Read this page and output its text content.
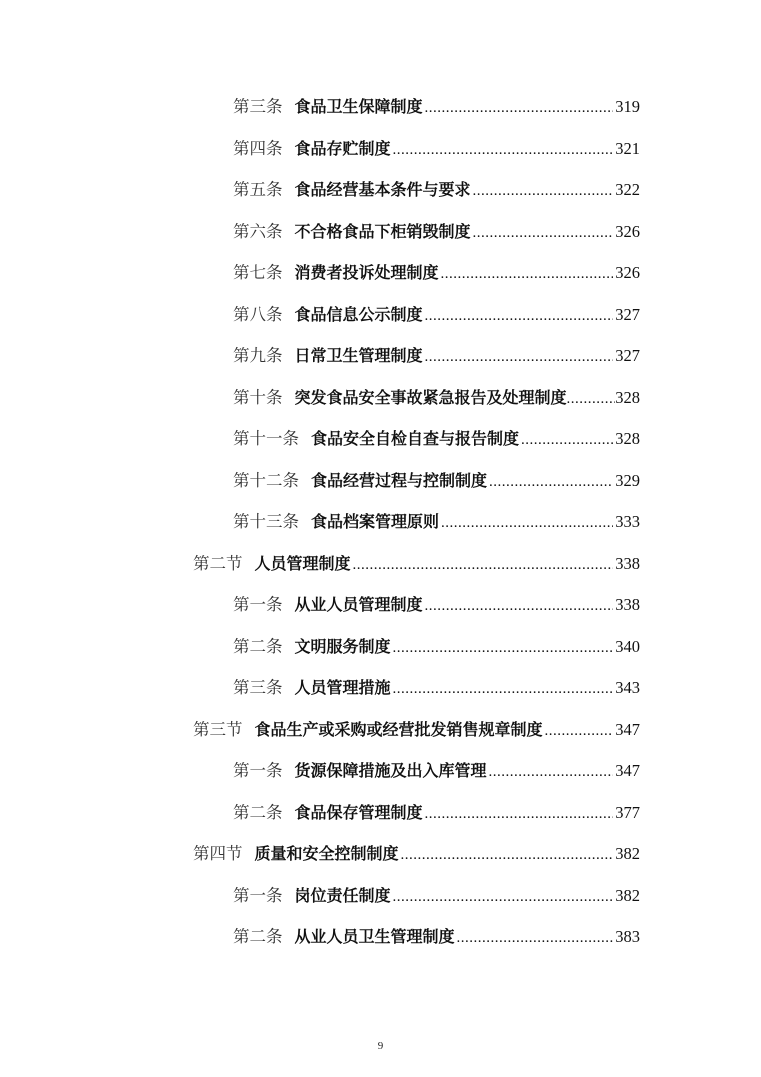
第三条 食品卫生保障制度 .....	319
第四条 食品存贮制度 .....	321
第五条 食品经营基本条件与要求 .....	322
第六条 不合格食品下柜销毁制度 .....	326
第七条 消费者投诉处理制度 .....	326
第八条 食品信息公示制度 .....	327
第九条 日常卫生管理制度 .....	327
第十条 突发食品安全事故紧急报告及处理制度 .....	328
第十一条 食品安全自检自查与报告制度 .....	328
第十二条 食品经营过程与控制制度 .....	329
第十三条 食品档案管理原则 .....	333
第二节 人员管理制度 .....	338
第一条 从业人员管理制度 .....	338
第二条 文明服务制度 .....	340
第三条 人员管理措施 .....	343
第三节 食品生产或采购或经营批发销售规章制度 .....	347
第一条 货源保障措施及出入库管理 .....	347
第二条 食品保存管理制度 .....	377
第四节 质量和安全控制制度 .....	382
第一条 岗位责任制度 .....	382
第二条 从业人员卫生管理制度 .....	383
9
